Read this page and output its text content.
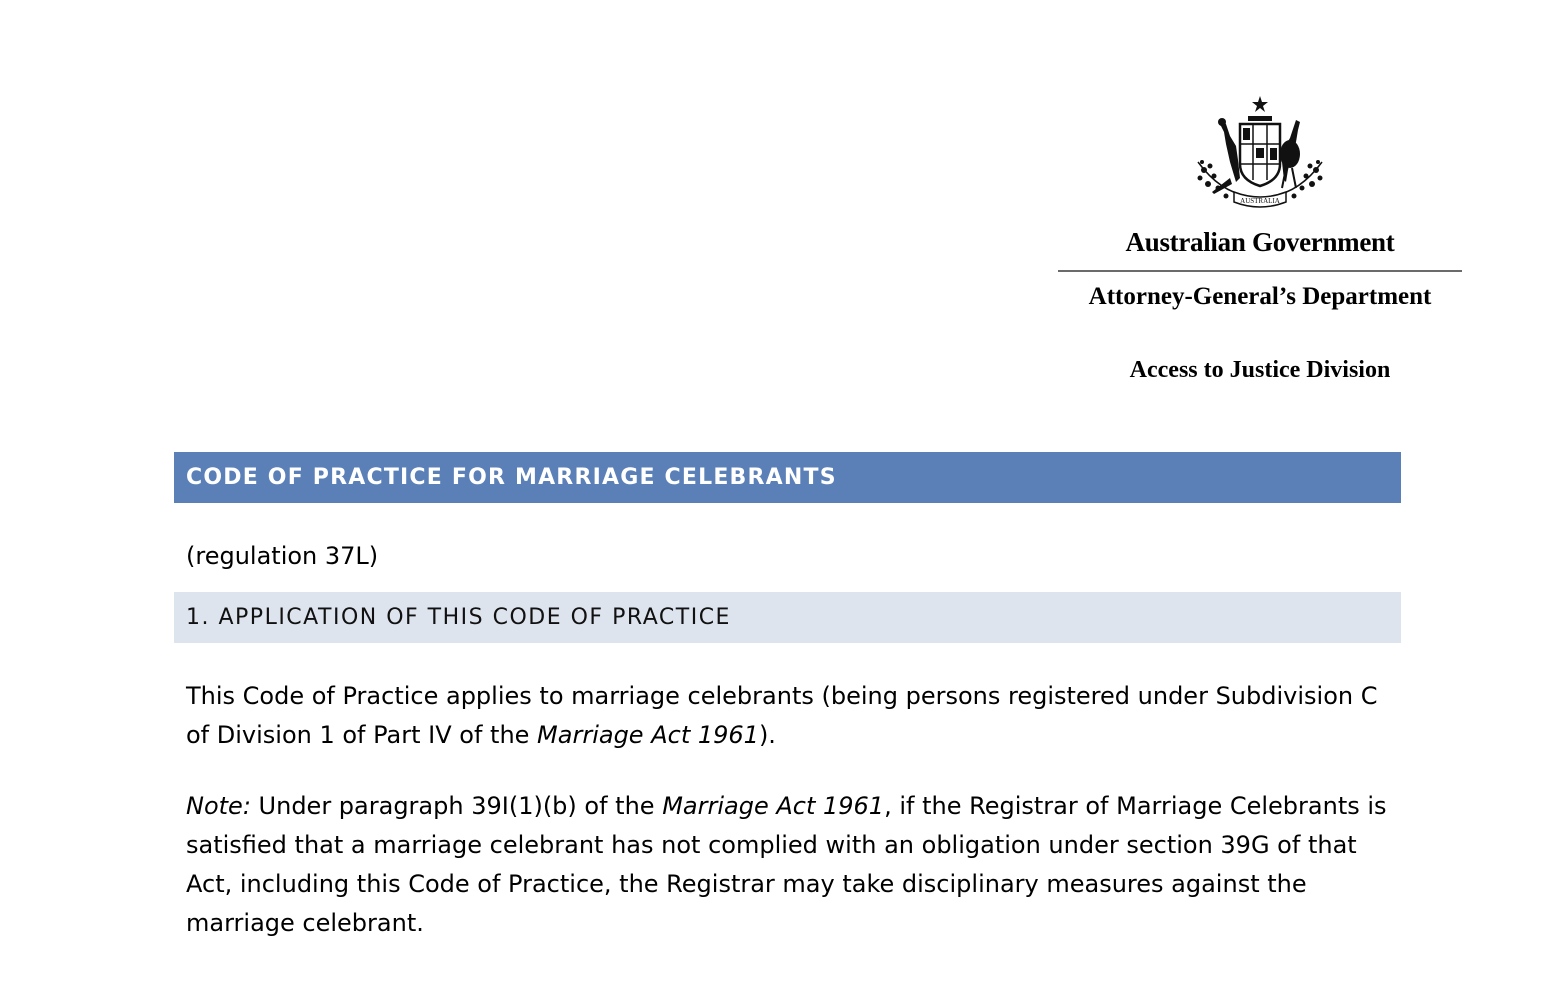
AUSTRALIA
Australian Government
Attorney-General’s Department
Access to Justice Division
CODE OF PRACTICE FOR MARRIAGE CELEBRANTS
(regulation 37L)
1. APPLICATION OF THIS CODE OF PRACTICE

This Code of Practice applies to marriage celebrants (being persons registered under Subdivision C of Division 1 of Part IV of the Marriage Act 1961).

Note: Under paragraph 39I(1)(b) of the Marriage Act 1961, if the Registrar of Marriage Celebrants is satisfied that a marriage celebrant has not complied with an obligation under section 39G of that Act, including this Code of Practice, the Registrar may take disciplinary measures against the marriage celebrant.
